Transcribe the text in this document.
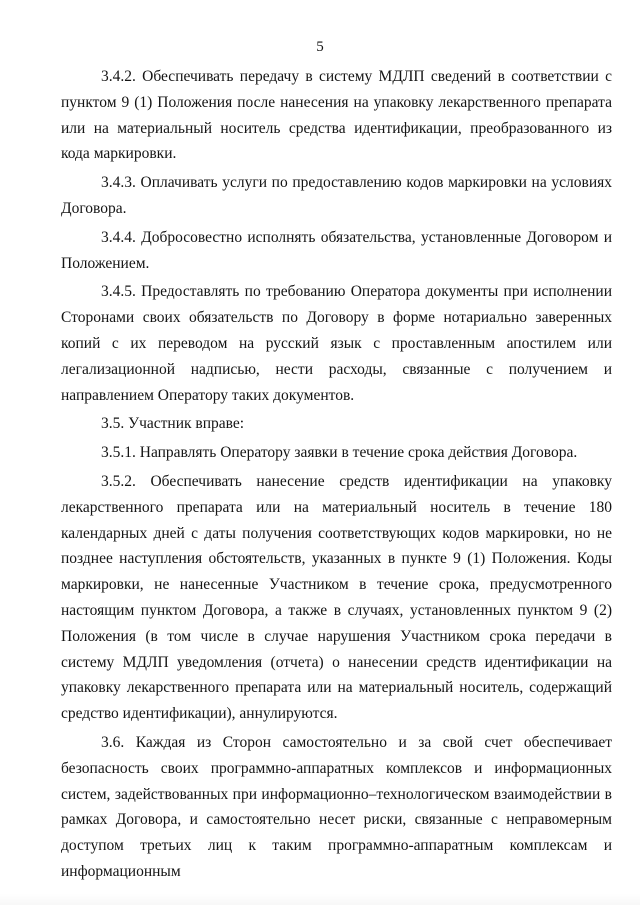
5

3.4.2. Обеспечивать передачу в систему МДЛП сведений в соответствии с пунктом 9 (1) Положения после нанесения на упаковку лекарственного препарата или на материальный носитель средства идентификации, преобразованного из кода маркировки.

3.4.3. Оплачивать услуги по предоставлению кодов маркировки на условиях Договора.

3.4.4. Добросовестно исполнять обязательства, установленные Договором и Положением.

3.4.5. Предоставлять по требованию Оператора документы при исполнении Сторонами своих обязательств по Договору в форме нотариально заверенных копий с их переводом на русский язык с проставленным апостилем или легализационной надписью, нести расходы, связанные с получением и направлением Оператору таких документов.

3.5. Участник вправе:

3.5.1. Направлять Оператору заявки в течение срока действия Договора.

3.5.2. Обеспечивать нанесение средств идентификации на упаковку лекарственного препарата или на материальный носитель в течение 180 календарных дней с даты получения соответствующих кодов маркировки, но не позднее наступления обстоятельств, указанных в пункте 9 (1) Положения. Коды маркировки, не нанесенные Участником в течение срока, предусмотренного настоящим пунктом Договора, а также в случаях, установленных пунктом 9 (2) Положения (в том числе в случае нарушения Участником срока передачи в систему МДЛП уведомления (отчета) о нанесении средств идентификации на упаковку лекарственного препарата или на материальный носитель, содержащий средство идентификации), аннулируются.

3.6. Каждая из Сторон самостоятельно и за свой счет обеспечивает безопасность своих программно-аппаратных комплексов и информационных систем, задействованных при информационно–технологическом взаимодействии в рамках Договора, и самостоятельно несет риски, связанные с неправомерным доступом третьих лиц к таким программно-аппаратным комплексам и информационным
